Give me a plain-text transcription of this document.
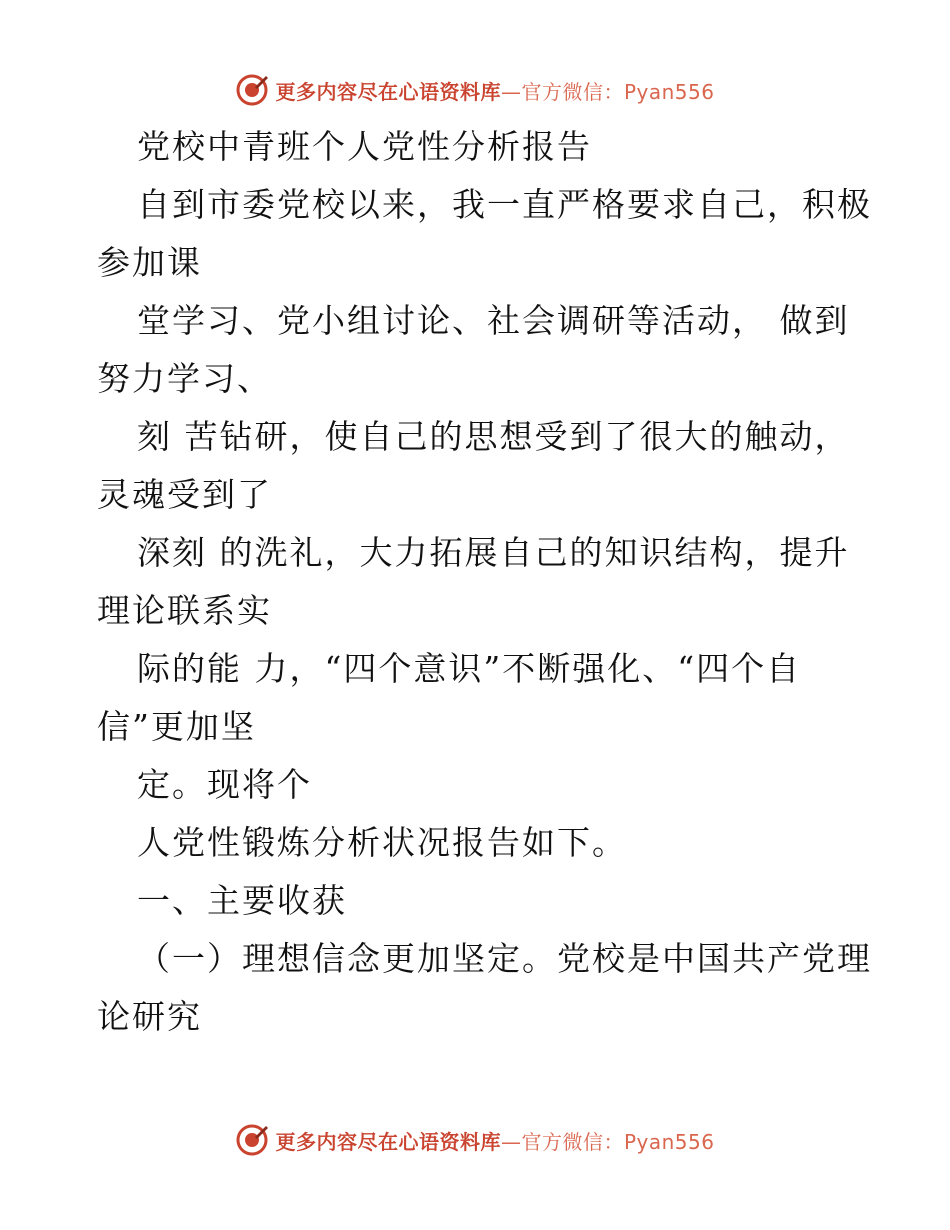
更多内容尽在心语资料库—官方微信：Pyan556
党校中青班个人党性分析报告
自到市委党校以来，我一直严格要求自己，积极
参加课
堂学习、党小组讨论、社会调研等活动， 做到
努力学习、
刻 苦钻研，使自己的思想受到了很大的触动，
灵魂受到了
深刻 的洗礼，大力拓展自己的知识结构，提升
理论联系实
际的能 力，“四个意识”不断强化、“四个自
信”更加坚
定。现将个
人党性锻炼分析状况报告如下。
一、主要收获
（一）理想信念更加坚定。党校是中国共产党理
论研究
更多内容尽在心语资料库—官方微信：Pyan556
